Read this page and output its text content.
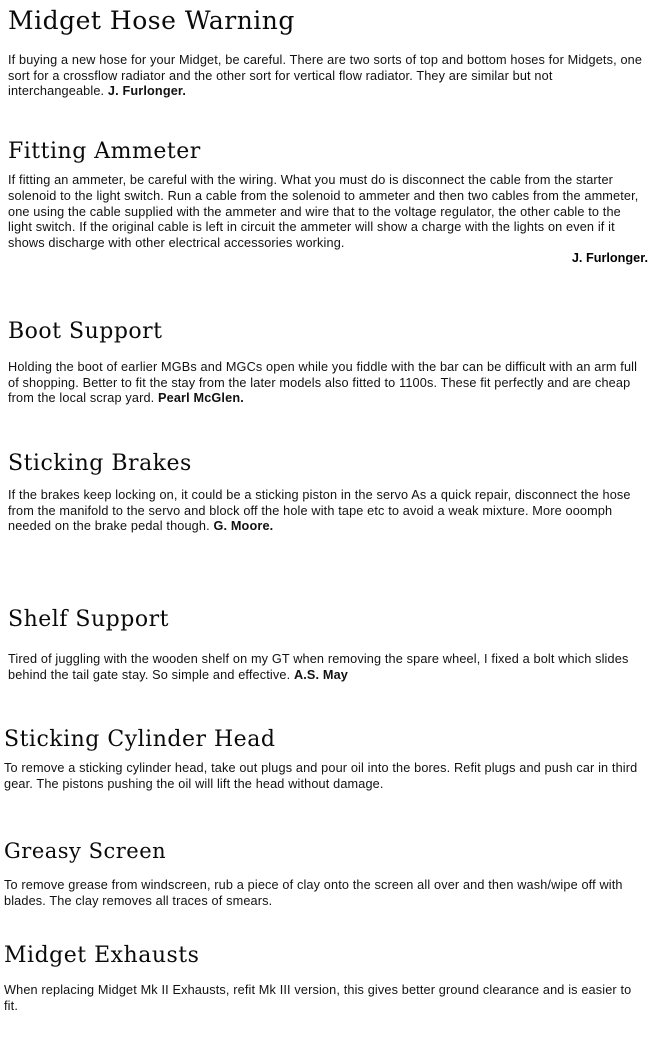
Midget Hose Warning

If buying a new hose for your Midget, be careful. There are two sorts of top and bottom hoses for Midgets, one sort for a crossflow radiator and the other sort for vertical flow radiator. They are similar but not interchangeable. J. Furlonger.

Fitting Ammeter

If fitting an ammeter, be careful with the wiring. What you must do is disconnect the cable from the starter solenoid to the light switch. Run a cable from the solenoid to ammeter and then two cables from the ammeter, one using the cable supplied with the ammeter and wire that to the voltage regulator, the other cable to the light switch. If the original cable is left in circuit the ammeter will show a charge with the lights on even if it shows discharge with other electrical accessories working.

J. Furlonger.
Boot Support

Holding the boot of earlier MGBs and MGCs open while you fiddle with the bar can be difficult with an arm full of shopping. Better to fit the stay from the later models also fitted to 1100s. These fit perfectly and are cheap from the local scrap yard. Pearl McGlen.

Sticking Brakes

If the brakes keep locking on, it could be a sticking piston in the servo As a quick repair, disconnect the hose from the manifold to the servo and block off the hole with tape etc to avoid a weak mixture. More ooomph needed on the brake pedal though. G. Moore.

Shelf Support

Tired of juggling with the wooden shelf on my GT when removing the spare wheel, I fixed a bolt which slides behind the tail gate stay. So simple and effective. A.S. May

Sticking Cylinder Head

To remove a sticking cylinder head, take out plugs and pour oil into the bores. Refit plugs and push car in third gear. The pistons pushing the oil will lift the head without damage.

Greasy Screen

To remove grease from windscreen, rub a piece of clay onto the screen all over and then wash/wipe off with blades. The clay removes all traces of smears.

Midget Exhausts

When replacing Midget Mk II Exhausts, refit Mk III version, this gives better ground clearance and is easier to fit.
